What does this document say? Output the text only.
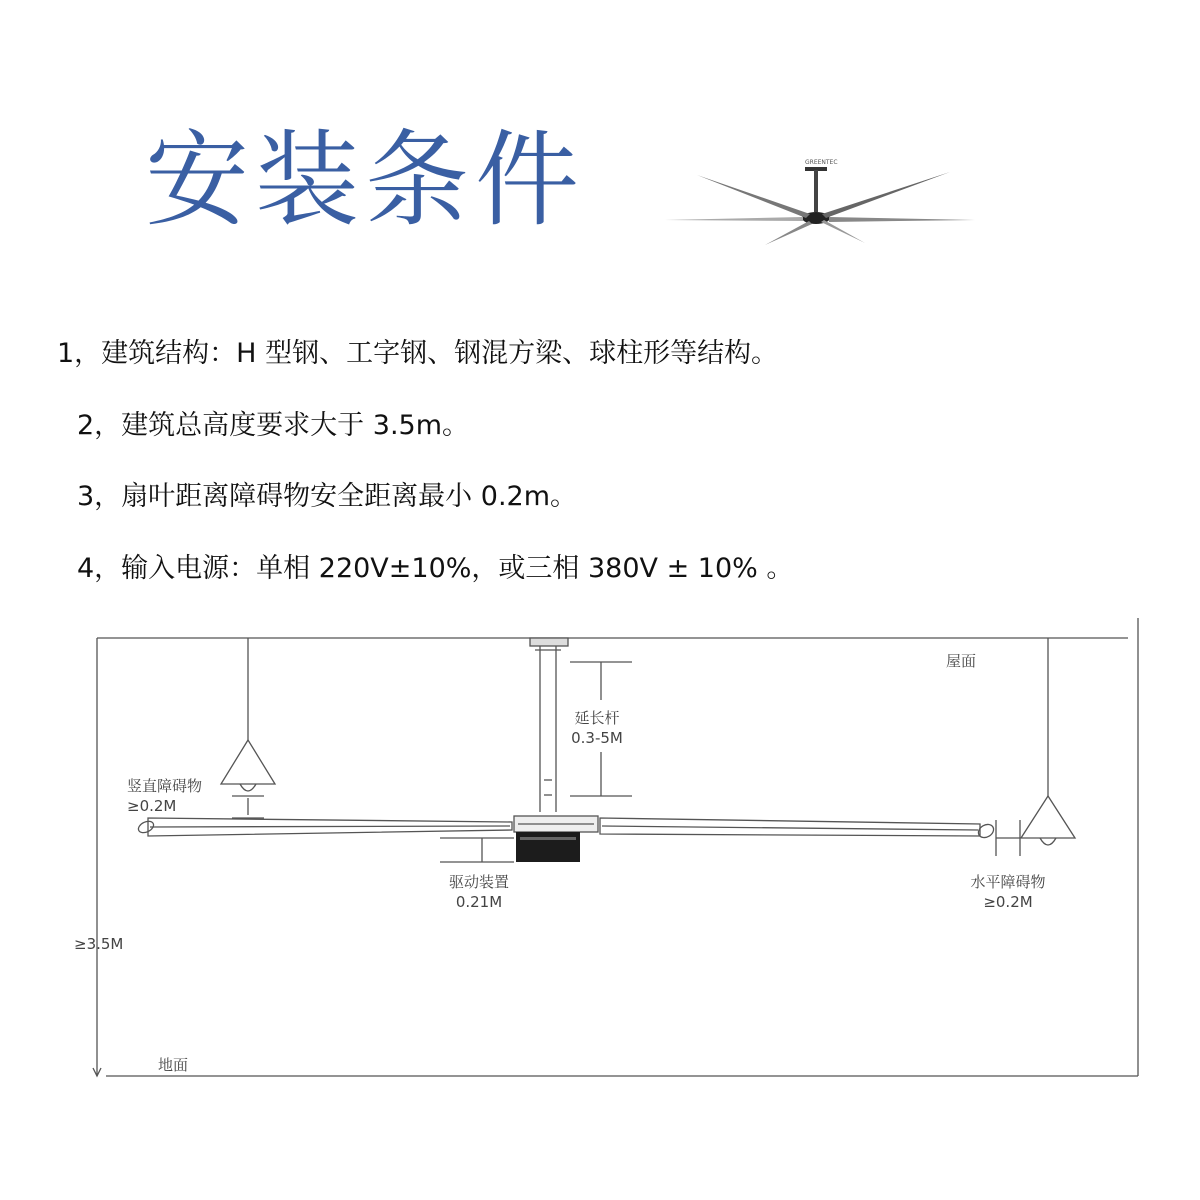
安装条件	GREENTEC
1，建筑结构：H 型钢、工字钢、钢混方梁、球柱形等结构。
2，建筑总高度要求大于 3.5m。
3，扇叶距离障碍物安全距离最小 0.2m。
4，输入电源：单相 220V±10%，或三相 380V ± 10% 。
屋面
地面
≥3.5M
延长杆
0.3-5M
竖直障碍物
≥0.2M
驱动装置
0.21M
水平障碍物
≥0.2M
